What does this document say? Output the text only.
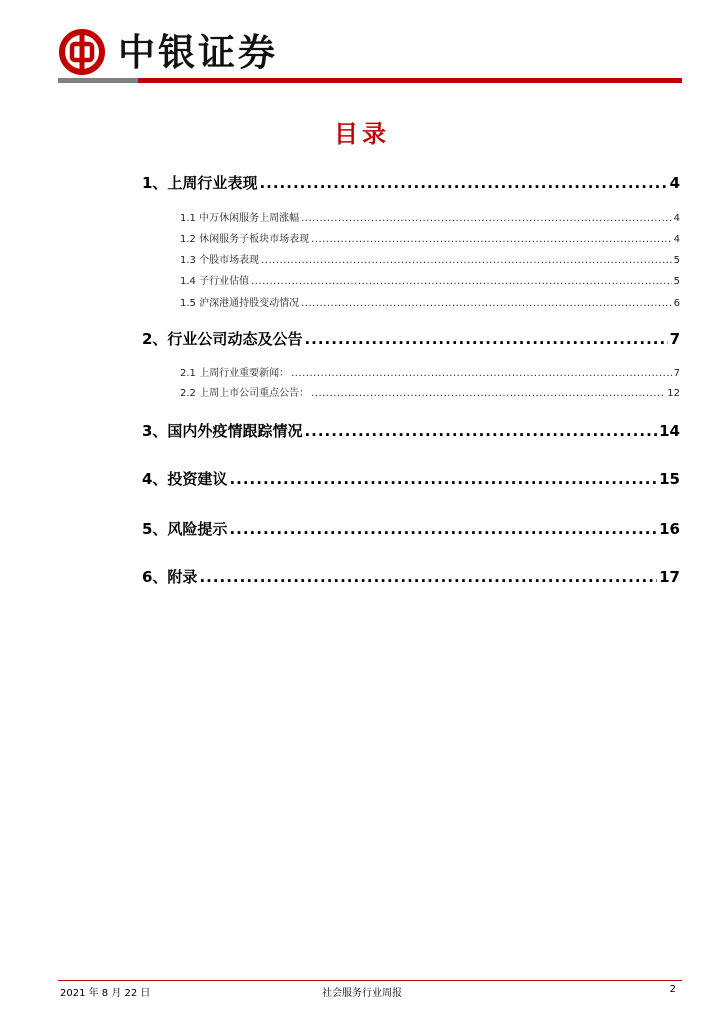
中银证券
目录
1、上周行业表现 .....	4
1.1 中万休闲服务上周涨幅 .....	4
1.2 休闲服务子板块市场表现 .....	4
1.3 个股市场表现 .....	5
1.4 子行业估值 .....	5
1.5 沪深港通持股变动情况 .....	6
2、行业公司动态及公告 .....	7
2.1 上周行业重要新闻： .....	7
2.2 上周上市公司重点公告： .....	12
3、国内外疫情跟踪情况 .....	14
4、投资建议 .....	15
5、风险提示 .....	16
6、附录 .....	17
2021 年 8 月 22 日	社会服务行业周报	2
